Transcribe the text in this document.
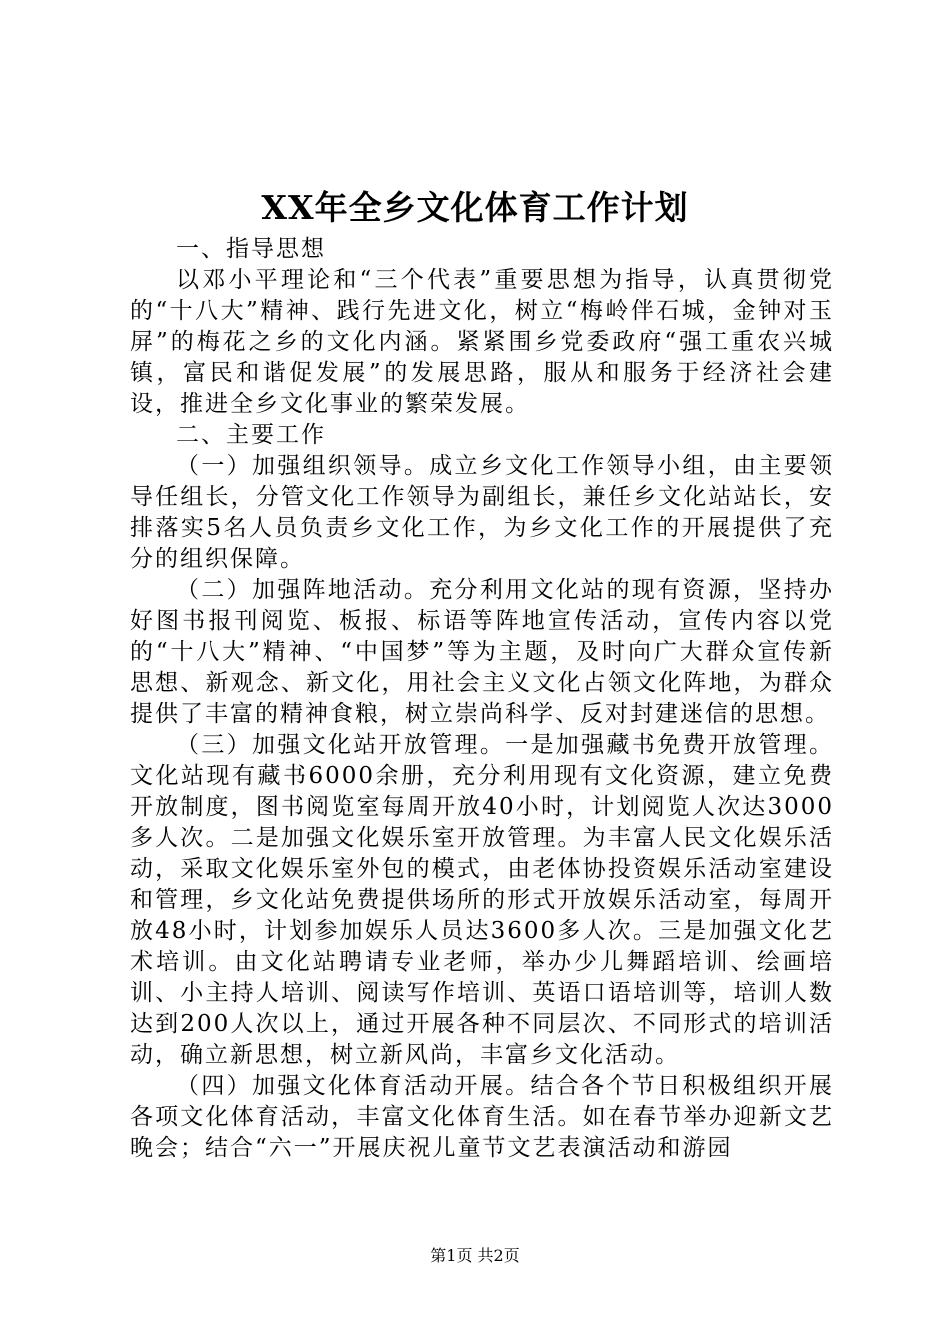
XX年全乡文化体育工作计划

一、指导思想

以邓小平理论和“三个代表”重要思想为指导，认真贯彻党的“十八大”精神、践行先进文化，树立“梅岭伴石城，金钟对玉屏”的梅花之乡的文化内涵。紧紧围乡党委政府“强工重农兴城镇，富民和谐促发展”的发展思路，服从和服务于经济社会建设，推进全乡文化事业的繁荣发展。

二、主要工作

（一）加强组织领导。成立乡文化工作领导小组，由主要领导任组长，分管文化工作领导为副组长，兼任乡文化站站长，安排落实5名人员负责乡文化工作，为乡文化工作的开展提供了充分的组织保障。

（二）加强阵地活动。充分利用文化站的现有资源，坚持办好图书报刊阅览、板报、标语等阵地宣传活动，宣传内容以党的“十八大”精神、“中国梦”等为主题，及时向广大群众宣传新思想、新观念、新文化，用社会主义文化占领文化阵地，为群众提供了丰富的精神食粮，树立崇尚科学、反对封建迷信的思想。

（三）加强文化站开放管理。一是加强藏书免费开放管理。文化站现有藏书6000余册，充分利用现有文化资源，建立免费开放制度，图书阅览室每周开放40小时，计划阅览人次达3000多人次。二是加强文化娱乐室开放管理。为丰富人民文化娱乐活动，采取文化娱乐室外包的模式，由老体协投资娱乐活动室建设和管理，乡文化站免费提供场所的形式开放娱乐活动室，每周开放48小时，计划参加娱乐人员达3600多人次。三是加强文化艺术培训。由文化站聘请专业老师，举办少儿舞蹈培训、绘画培训、小主持人培训、阅读写作培训、英语口语培训等，培训人数达到200人次以上，通过开展各种不同层次、不同形式的培训活动，确立新思想，树立新风尚，丰富乡文化活动。

（四）加强文化体育活动开展。结合各个节日积极组织开展各项文化体育活动，丰富文化体育生活。如在春节举办迎新文艺晚会；结合“六一”开展庆祝儿童节文艺表演活动和游园

第1页 共2页
